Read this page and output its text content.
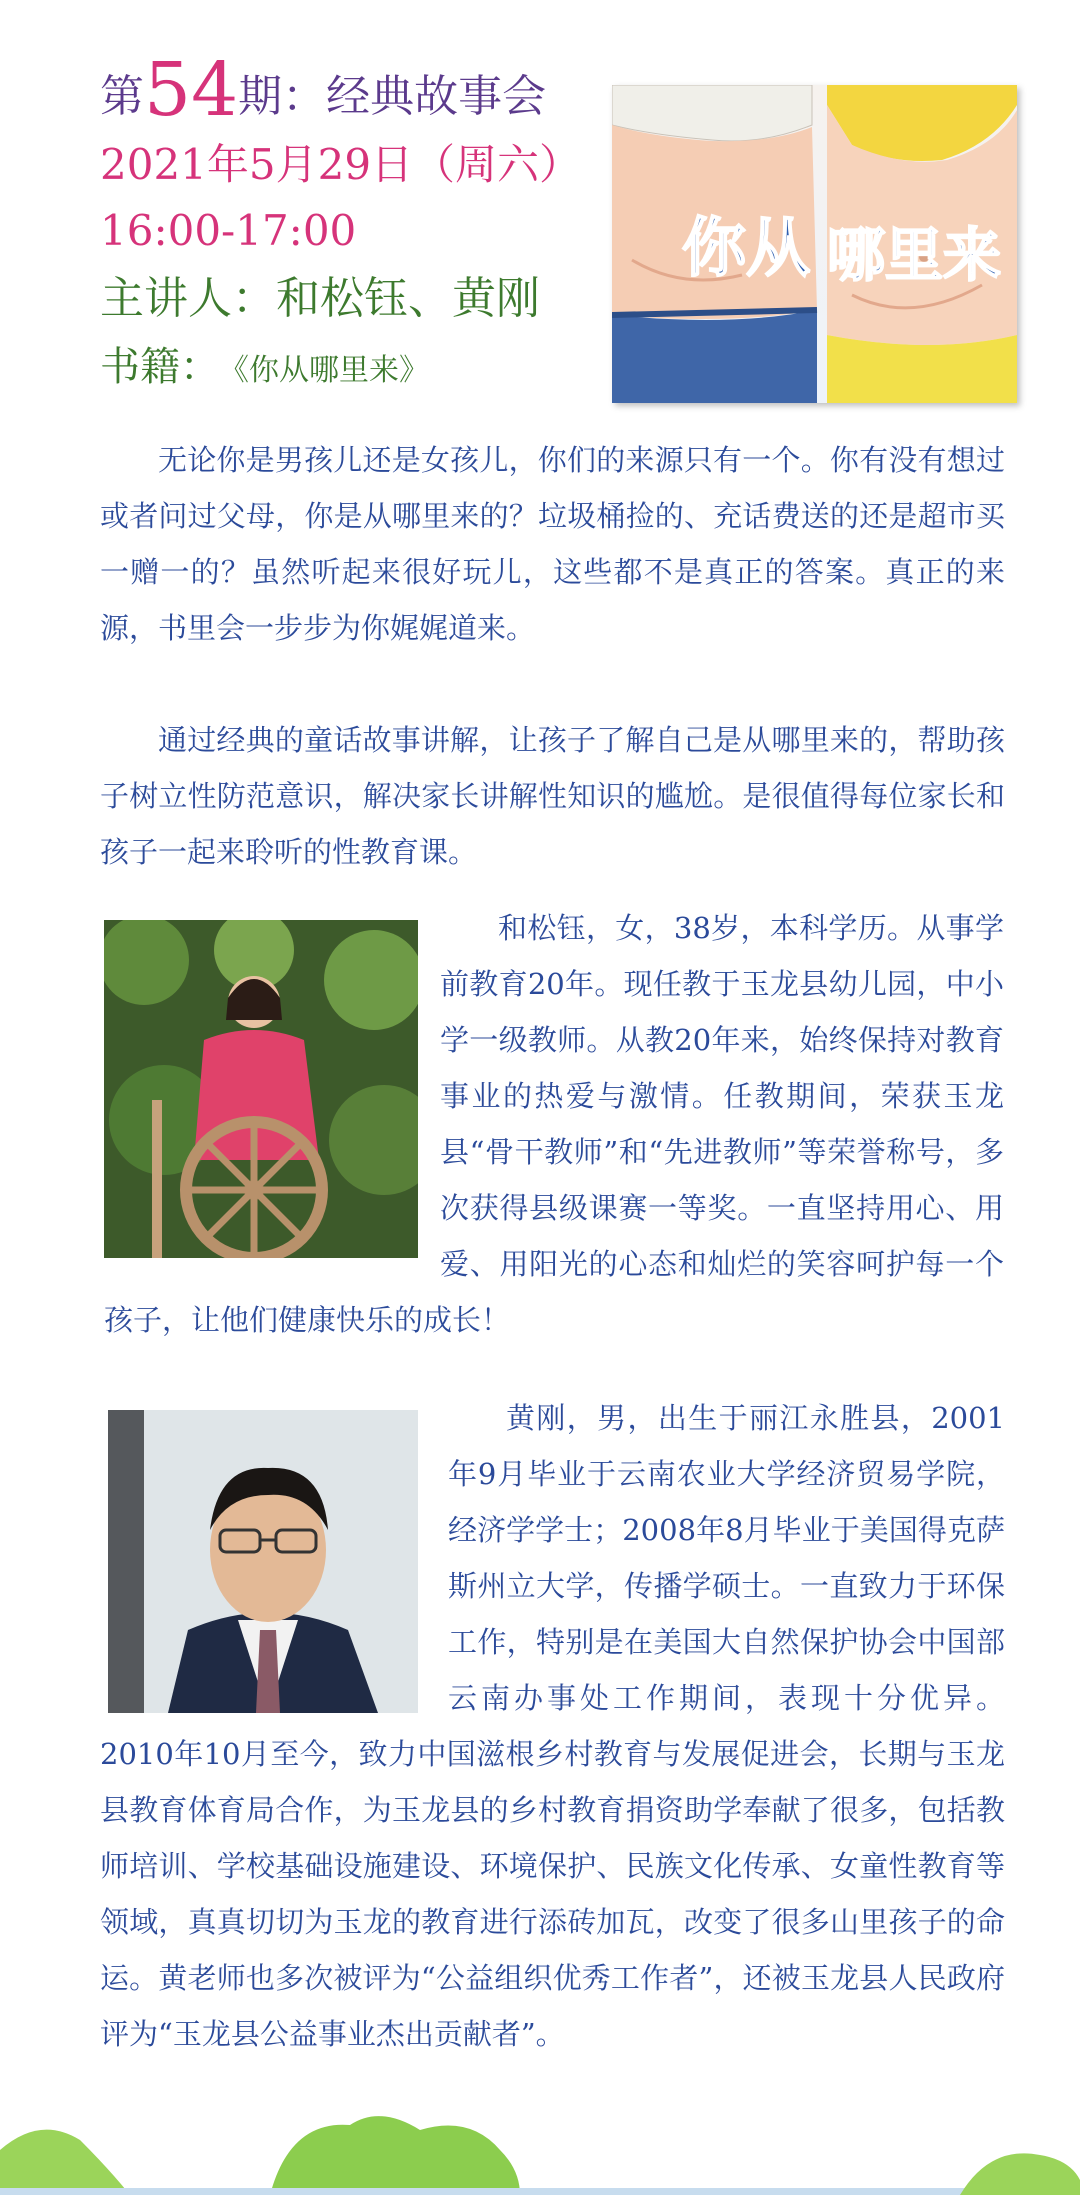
第54期：经典故事会
2021年5月29日（周六）
16:00-17:00
主讲人：和松钰、黄刚
书籍： 《你从哪里来》
你从 哪里来

无论你是男孩儿还是女孩儿，你们的来源只有一个。你有没有想过或者问过父母，你是从哪里来的？垃圾桶捡的、充话费送的还是超市买一赠一的？虽然听起来很好玩儿，这些都不是真正的答案。真正的来源，书里会一步步为你娓娓道来。

通过经典的童话故事讲解，让孩子了解自己是从哪里来的，帮助孩子树立性防范意识，解决家长讲解性知识的尴尬。是很值得每位家长和孩子一起来聆听的性教育课。

和松钰，女，38岁，本科学历。从事学前教育20年。现任教于玉龙县幼儿园，中小学一级教师。从教20年来，始终保持对教育事业的热爱与激情。任教期间，荣获玉龙县“骨干教师”和“先进教师”等荣誉称号，多次获得县级课赛一等奖。一直坚持用心、用爱、用阳光的心态和灿烂的笑容呵护每一个孩子，让他们健康快乐的成长！
黄刚，男，出生于丽江永胜县，2001年9月毕业于云南农业大学经济贸易学院，经济学学士；2008年8月毕业于美国得克萨斯州立大学，传播学硕士。一直致力于环保工作，特别是在美国大自然保护协会中国部云南办事处工作期间，表现十分优异。2010年10月至今，致力中国滋根乡村教育与发展促进会，长期与玉龙县教育体育局合作，为玉龙县的乡村教育捐资助学奉献了很多，包括教师培训、学校基础设施建设、环境保护、民族文化传承、女童性教育等领域，真真切切为玉龙的教育进行添砖加瓦，改变了很多山里孩子的命运。黄老师也多次被评为“公益组织优秀工作者”，还被玉龙县人民政府评为“玉龙县公益事业杰出贡献者”。
